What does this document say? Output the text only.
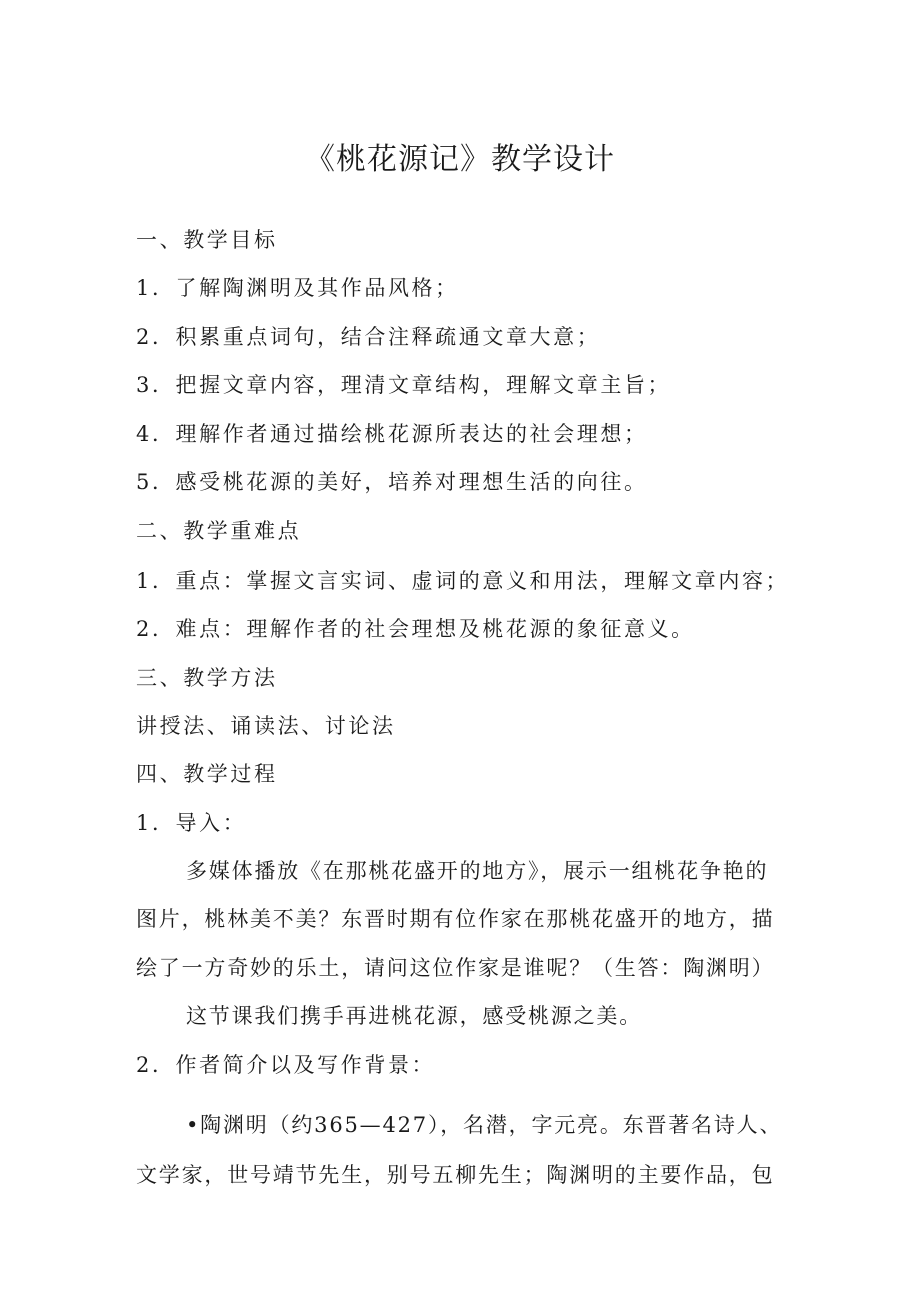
《桃花源记》教学设计

一、教学目标

1．了解陶渊明及其作品风格；

2．积累重点词句，结合注释疏通文章大意；

3．把握文章内容，理清文章结构，理解文章主旨；

4．理解作者通过描绘桃花源所表达的社会理想；

5．感受桃花源的美好，培养对理想生活的向往。

二、教学重难点

1．重点：掌握文言实词、虚词的意义和用法，理解文章内容；

2．难点：理解作者的社会理想及桃花源的象征意义。

三、教学方法

讲授法、诵读法、讨论法

四、教学过程

1．导入：

多媒体播放《在那桃花盛开的地方》，展示一组桃花争艳的

图片，桃林美不美？东晋时期有位作家在那桃花盛开的地方，描

绘了一方奇妙的乐土，请问这位作家是谁呢？（生答：陶渊明）

这节课我们携手再进桃花源，感受桃源之美。

2．作者简介以及写作背景：

•陶渊明（约365—427），名潜，字元亮。东晋著名诗人、

文学家，世号靖节先生，别号五柳先生；陶渊明的主要作品，包
